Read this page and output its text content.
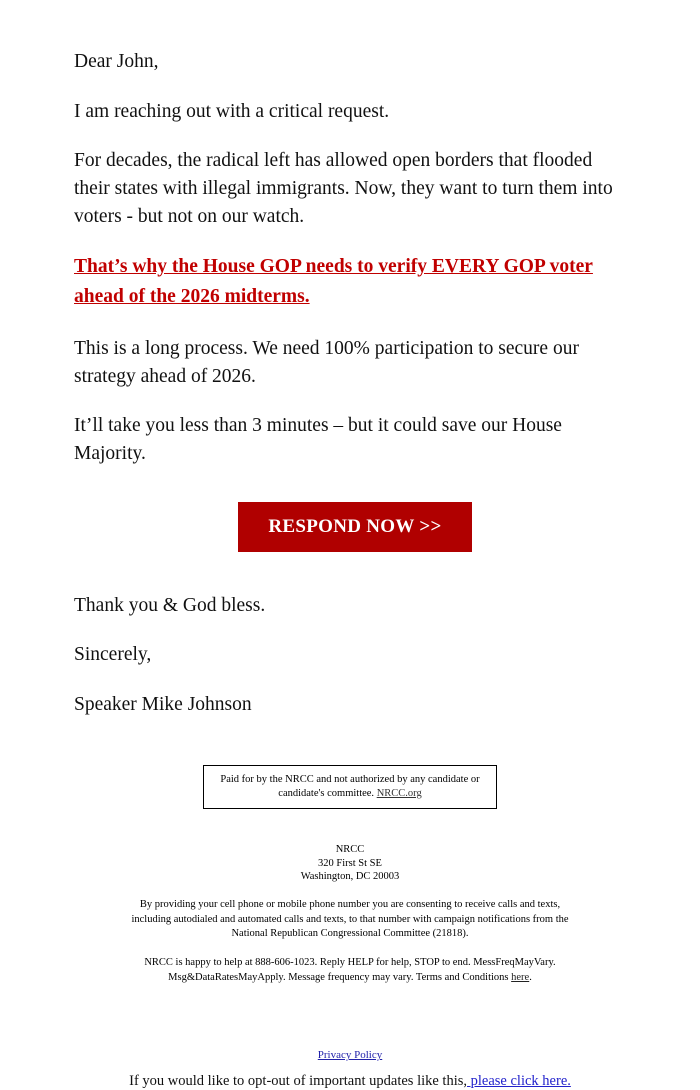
Dear John,

I am reaching out with a critical request.

For decades, the radical left has allowed open borders that flooded their states with illegal immigrants. Now, they want to turn them into voters - but not on our watch.

That’s why the House GOP needs to verify EVERY GOP voter ahead of the 2026 midterms.

This is a long process. We need 100% participation to secure our strategy ahead of 2026.

It’ll take you less than 3 minutes – but it could save our House Majority.

RESPOND NOW >>

Thank you & God bless.

Sincerely,

Speaker Mike Johnson

Paid for by the NRCC and not authorized by any candidate or candidate's committee. NRCC.org
NRCC
320 First St SE
Washington, DC 20003
By providing your cell phone or mobile phone number you are consenting to receive calls and texts, including autodialed and automated calls and texts, to that number with campaign notifications from the National Republican Congressional Committee (21818).
NRCC is happy to help at 888-606-1023. Reply HELP for help, STOP to end. MessFreqMayVary. Msg&DataRatesMayApply. Message frequency may vary. Terms and Conditions here.
Privacy Policy
If you would like to opt-out of important updates like this, please click here.
